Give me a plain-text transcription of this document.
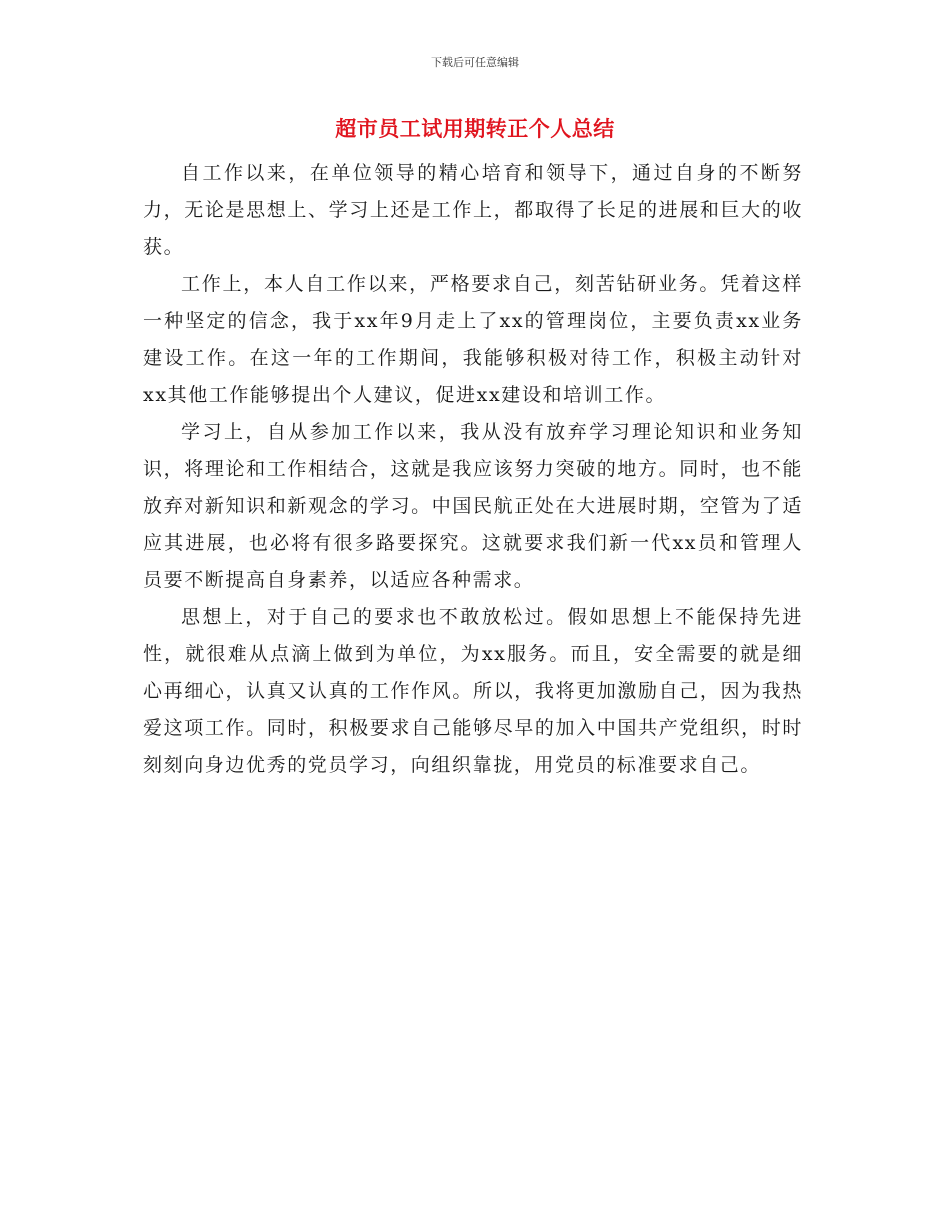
下载后可任意编辑
超市员工试用期转正个人总结

自工作以来，在单位领导的精心培育和领导下，通过自身的不断努力，无论是思想上、学习上还是工作上，都取得了长足的进展和巨大的收获。

工作上，本人自工作以来，严格要求自己，刻苦钻研业务。凭着这样一种坚定的信念，我于xx年9月走上了xx的管理岗位，主要负责xx业务建设工作。在这一年的工作期间，我能够积极对待工作，积极主动针对xx其他工作能够提出个人建议，促进xx建设和培训工作。

学习上，自从参加工作以来，我从没有放弃学习理论知识和业务知识，将理论和工作相结合，这就是我应该努力突破的地方。同时，也不能放弃对新知识和新观念的学习。中国民航正处在大进展时期，空管为了适应其进展，也必将有很多路要探究。这就要求我们新一代xx员和管理人员要不断提高自身素养，以适应各种需求。

思想上，对于自己的要求也不敢放松过。假如思想上不能保持先进性，就很难从点滴上做到为单位，为xx服务。而且，安全需要的就是细心再细心，认真又认真的工作作风。所以，我将更加激励自己，因为我热爱这项工作。同时，积极要求自己能够尽早的加入中国共产党组织，时时刻刻向身边优秀的党员学习，向组织靠拢，用党员的标准要求自己。
